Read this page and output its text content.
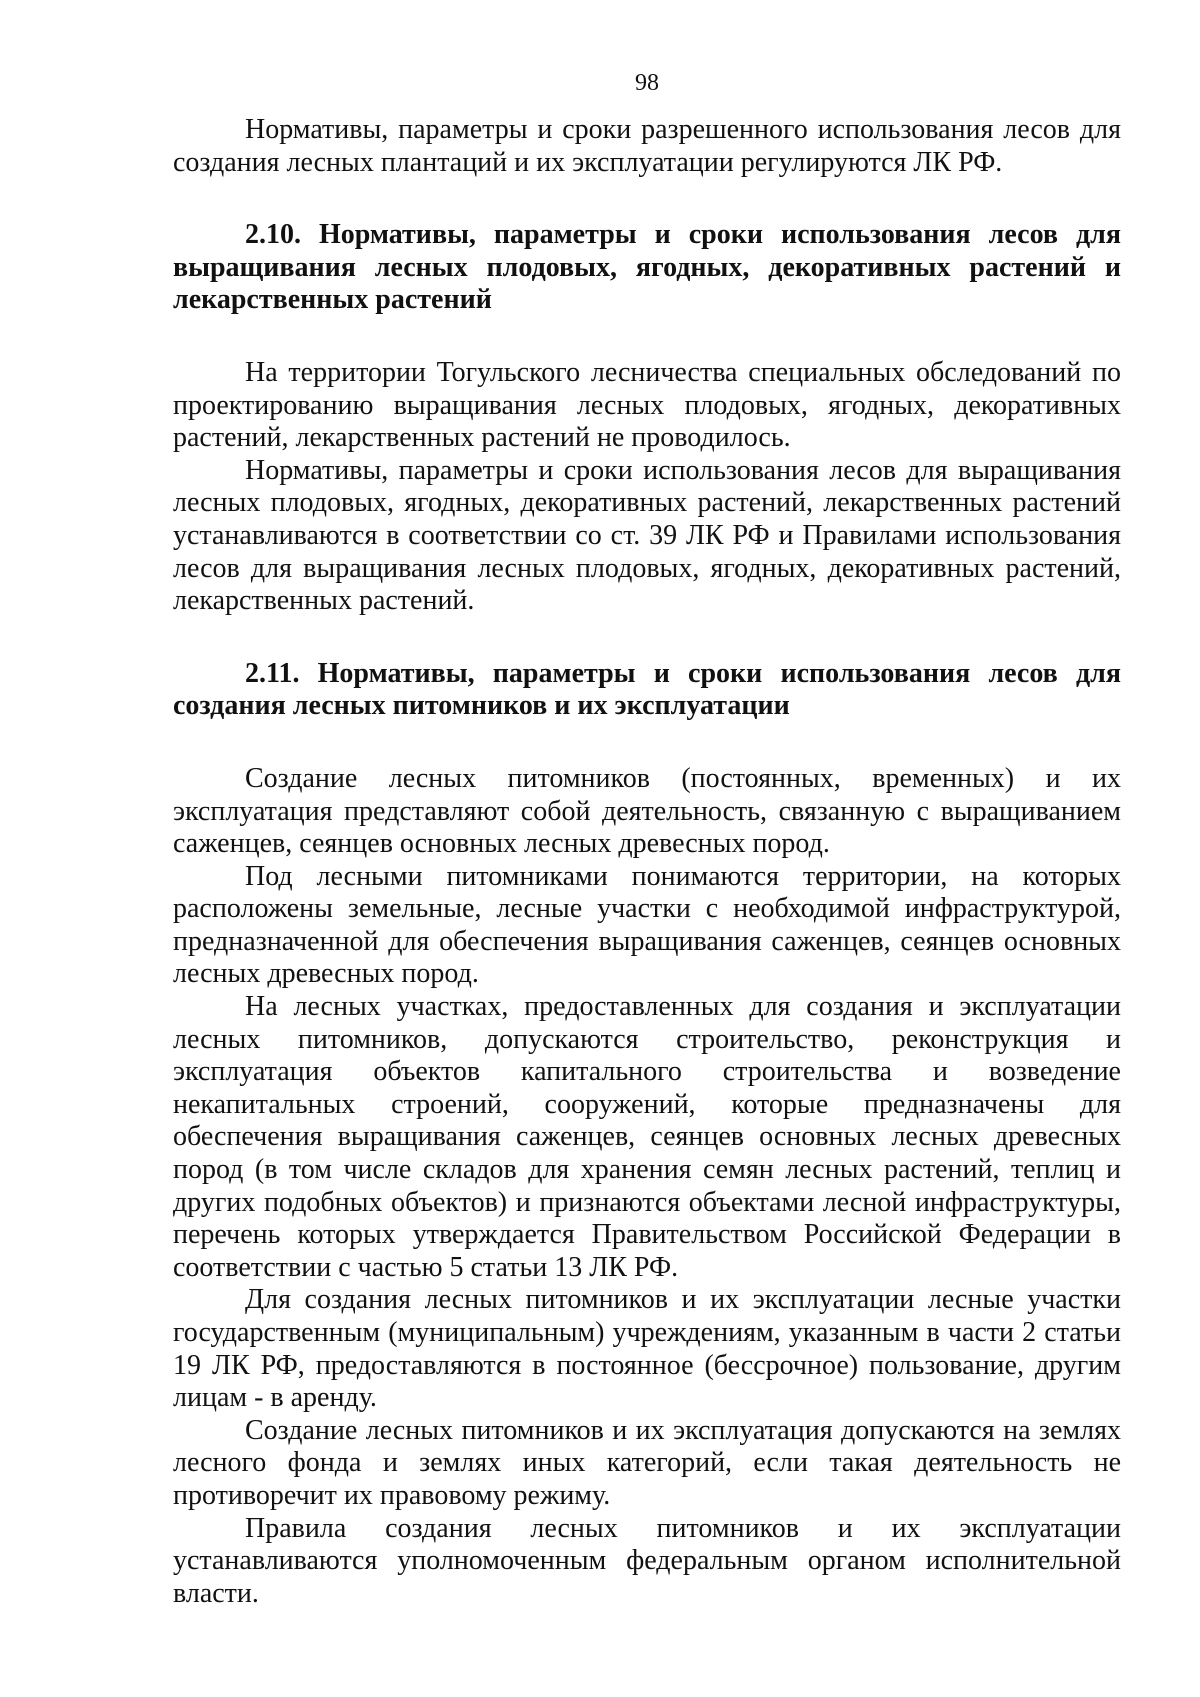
98

Нормативы, параметры и сроки разрешенного использования лесов для создания лесных плантаций и их эксплуатации регулируются ЛК РФ.

2.10. Нормативы, параметры и сроки использования лесов для выращивания лесных плодовых, ягодных, декоративных растений и лекарственных растений

На территории Тогульского лесничества специальных обследований по проектированию выращивания лесных плодовых, ягодных, декоративных растений, лекарственных растений не проводилось.

Нормативы, параметры и сроки использования лесов для выращивания лесных плодовых, ягодных, декоративных растений, лекарственных растений устанавливаются в соответствии со ст. 39 ЛК РФ и Правилами использования лесов для выращивания лесных плодовых, ягодных, декоративных растений, лекарственных растений.

2.11. Нормативы, параметры и сроки использования лесов для создания лесных питомников и их эксплуатации

Создание лесных питомников (постоянных, временных) и их эксплуатация представляют собой деятельность, связанную с выращиванием саженцев, сеянцев основных лесных древесных пород.

Под лесными питомниками понимаются территории, на которых расположены земельные, лесные участки с необходимой инфраструктурой, предназначенной для обеспечения выращивания саженцев, сеянцев основных лесных древесных пород.

На лесных участках, предоставленных для создания и эксплуатации лесных питомников, допускаются строительство, реконструкция и эксплуатация объектов капитального строительства и возведение некапитальных строений, сооружений, которые предназначены для обеспечения выращивания саженцев, сеянцев основных лесных древесных пород (в том числе складов для хранения семян лесных растений, теплиц и других подобных объектов) и признаются объектами лесной инфраструктуры, перечень которых утверждается Правительством Российской Федерации в соответствии с частью 5 статьи 13 ЛК РФ.

Для создания лесных питомников и их эксплуатации лесные участки государственным (муниципальным) учреждениям, указанным в части 2 статьи 19 ЛК РФ, предоставляются в постоянное (бессрочное) пользование, другим лицам - в аренду.

Создание лесных питомников и их эксплуатация допускаются на землях лесного фонда и землях иных категорий, если такая деятельность не противоречит их правовому режиму.

Правила создания лесных питомников и их эксплуатации устанавливаются уполномоченным федеральным органом исполнительной власти.
